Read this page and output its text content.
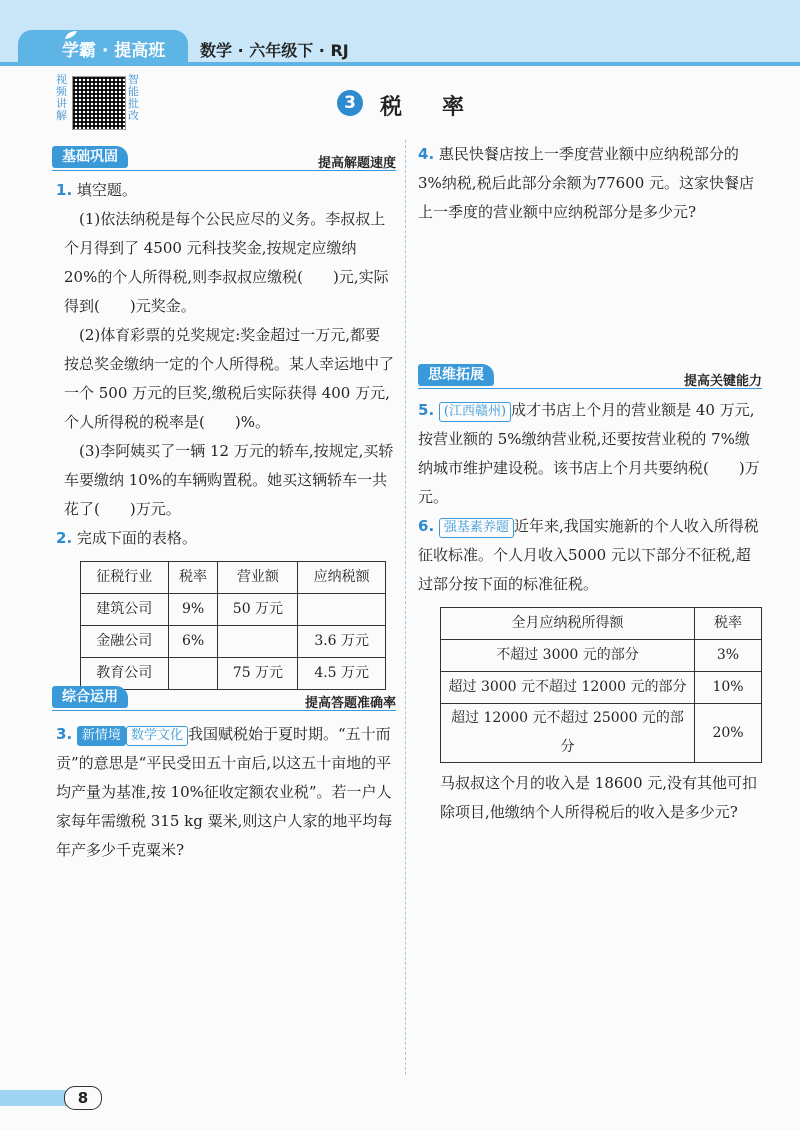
学霸 · 提高班 数学 · 六年级下 · RJ
视频讲解
智能批改
3	税率
基础巩固	提高解题速度

1. 填空题。

(1)依法纳税是每个公民应尽的义务。李叔叔上个月得到了 4500 元科技奖金,按规定应缴纳 20%的个人所得税,则李叔叔应缴税(　　)元,实际得到(　　)元奖金。

(2)体育彩票的兑奖规定:奖金超过一万元,都要按总奖金缴纳一定的个人所得税。某人幸运地中了一个 500 万元的巨奖,缴税后实际获得 400 万元,个人所得税的税率是(　　)%。

(3)李阿姨买了一辆 12 万元的轿车,按规定,买轿车要缴纳 10%的车辆购置税。她买这辆轿车一共花了(　　)万元。

2. 完成下面的表格。

征税行业	税率	营业额	应纳税额
建筑公司	9%	50 万元	
金融公司	6%		3.6 万元
教育公司		75 万元	4.5 万元
综合运用	提高答题准确率

3. 新情境 数学文化 我国赋税始于夏时期。“五十而贡”的意思是“平民受田五十亩后,以这五十亩地的平均产量为基准,按 10%征收定额农业税”。若一户人家每年需缴税 315 kg 粟米,则这户人家的地平均每年产多少千克粟米?

4. 惠民快餐店按上一季度营业额中应纳税部分的 3%纳税,税后此部分余额为77600 元。这家快餐店上一季度的营业额中应纳税部分是多少元?

思维拓展	提高关键能力

5. (江西赣州) 成才书店上个月的营业额是 40 万元,按营业额的 5%缴纳营业税,还要按营业税的 7%缴纳城市维护建设税。该书店上个月共要纳税(　　)万元。

6. 强基素养题 近年来,我国实施新的个人收入所得税征收标准。个人月收入5000 元以下部分不征税,超过部分按下面的标准征税。

全月应纳税所得额	税率
不超过 3000 元的部分	3%
超过 3000 元不超过 12000 元的部分	10%
超过 12000 元不超过 25000 元的部分	20%

马叔叔这个月的收入是 18600 元,没有其他可扣除项目,他缴纳个人所得税后的收入是多少元?

8
